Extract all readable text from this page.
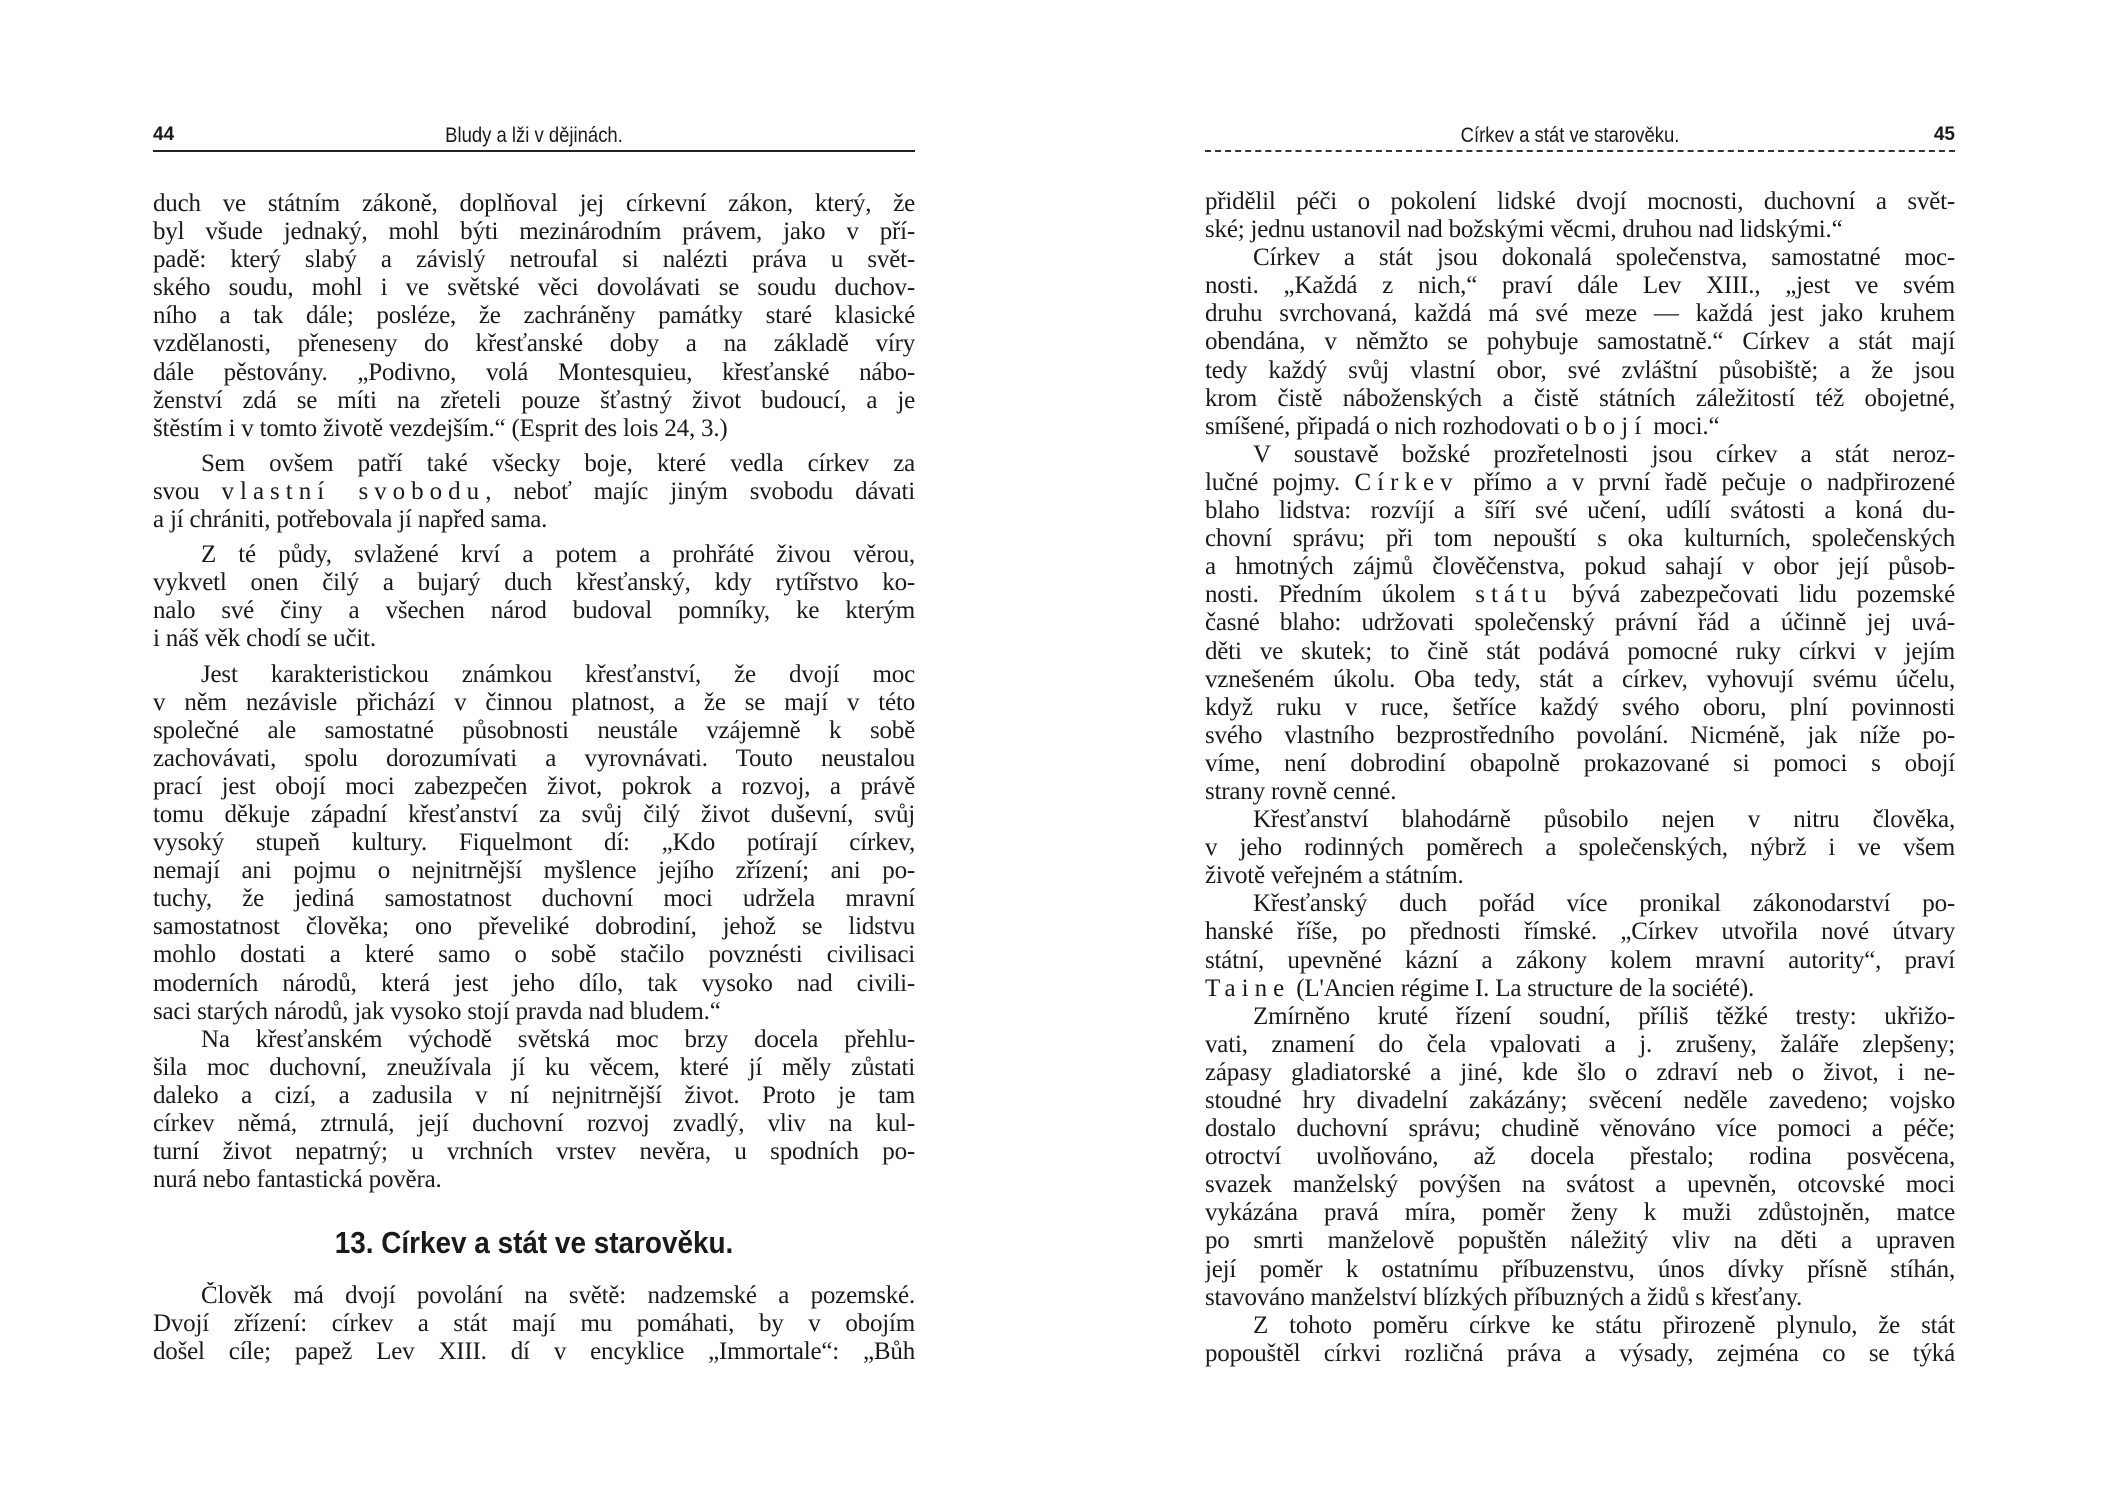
44	Bludy a lži v dějinách.
duch ve státním zákoně, doplňoval jej církevní zákon, který, že
byl všude jednaký, mohl býti mezinárodním právem, jako v pří-
padě: který slabý a závislý netroufal si nalézti práva u svět-
ského soudu, mohl i ve světské věci dovolávati se soudu duchov-
ního a tak dále; posléze, že zachráněny památky staré klasické
vzdělanosti, přeneseny do křesťanské doby a na základě víry
dále pěstovány. „Podivno, volá Montesquieu, křesťanské nábo-
ženství zdá se míti na zřeteli pouze šťastný život budoucí, a je
štěstím i v tomto životě vezdejším.“ (Esprit des lois 24, 3.)
Sem ovšem patří také všecky boje, které vedla církev za
svou vlastní svobodu, neboť majíc jiným svobodu dávati
a jí chrániti, potřebovala jí napřed sama.
Z té půdy, svlažené krví a potem a prohřáté živou věrou,
vykvetl onen čilý a bujarý duch křesťanský, kdy rytířstvo ko-
nalo své činy a všechen národ budoval pomníky, ke kterým
i náš věk chodí se učit.
Jest karakteristickou známkou křesťanství, že dvojí moc
v něm nezávisle přichází v činnou platnost, a že se mají v této
společné ale samostatné působnosti neustále vzájemně k sobě
zachovávati, spolu dorozumívati a vyrovnávati. Touto neustalou
prací jest obojí moci zabezpečen život, pokrok a rozvoj, a právě
tomu děkuje západní křesťanství za svůj čilý život duševní, svůj
vysoký stupeň kultury. Fiquelmont dí: „Kdo potírají církev,
nemají ani pojmu o nejnitrnější myšlence jejího zřízení; ani po-
tuchy, že jediná samostatnost duchovní moci udržela mravní
samostatnost člověka; ono převeliké dobrodiní, jehož se lidstvu
mohlo dostati a které samo o sobě stačilo povznésti civilisaci
moderních národů, která jest jeho dílo, tak vysoko nad civili-
saci starých národů, jak vysoko stojí pravda nad bludem.“
Na křesťanském východě světská moc brzy docela přehlu-
šila moc duchovní, zneužívala jí ku věcem, které jí měly zůstati
daleko a cizí, a zadusila v ní nejnitrnější život. Proto je tam
církev němá, ztrnulá, její duchovní rozvoj zvadlý, vliv na kul-
turní život nepatrný; u vrchních vrstev nevěra, u spodních po-
nurá nebo fantastická pověra.
13. Církev a stát ve starověku.
Člověk má dvojí povolání na světě: nadzemské a pozemské.
Dvojí zřízení: církev a stát mají mu pomáhati, by v obojím
došel cíle; papež Lev XIII. dí v encyklice „Immortale“: „Bůh
Církev a stát ve starověku.	45
přidělil péči o pokolení lidské dvojí mocnosti, duchovní a svět-
ské; jednu ustanovil nad božskými věcmi, druhou nad lidskými.“
Církev a stát jsou dokonalá společenstva, samostatné moc-
nosti. „Každá z nich,“ praví dále Lev XIII., „jest ve svém
druhu svrchovaná, každá má své meze — každá jest jako kruhem
obendána, v němžto se pohybuje samostatně.“ Církev a stát mají
tedy každý svůj vlastní obor, své zvláštní působiště; a že jsou
krom čistě náboženských a čistě státních záležitostí též obojetné,
smíšené, připadá o nich rozhodovati obojí moci.“
V soustavě božské prozřetelnosti jsou církev a stát neroz-
lučné pojmy. Církev přímo a v první řadě pečuje o nadpřirozené
blaho lidstva: rozvíjí a šíří své učení, udílí svátosti a koná du-
chovní správu; při tom nepouští s oka kulturních, společenských
a hmotných zájmů člověčenstva, pokud sahají v obor její působ-
nosti. Předním úkolem státu bývá zabezpečovati lidu pozemské
časné blaho: udržovati společenský právní řád a účinně jej uvá-
děti ve skutek; to čině stát podává pomocné ruky církvi v jejím
vznešeném úkolu. Oba tedy, stát a církev, vyhovují svému účelu,
když ruku v ruce, šetříce každý svého oboru, plní povinnosti
svého vlastního bezprostředního povolání. Nicméně, jak níže po-
víme, není dobrodiní obapolně prokazované si pomoci s obojí
strany rovně cenné.
Křesťanství blahodárně působilo nejen v nitru člověka,
v jeho rodinných poměrech a společenských, nýbrž i ve všem
životě veřejném a státním.
Křesťanský duch pořád více pronikal zákonodarství po-
hanské říše, po přednosti římské. „Církev utvořila nové útvary
státní, upevněné kázní a zákony kolem mravní autority“, praví
Taine (L'Ancien régime I. La structure de la société).
Zmírněno kruté řízení soudní, příliš těžké tresty: ukřižo-
vati, znamení do čela vpalovati a j. zrušeny, žaláře zlepšeny;
zápasy gladiatorské a jiné, kde šlo o zdraví neb o život, i ne-
stoudné hry divadelní zakázány; svěcení neděle zavedeno; vojsko
dostalo duchovní správu; chudině věnováno více pomoci a péče;
otroctví uvolňováno, až docela přestalo; rodina posvěcena,
svazek manželský povýšen na svátost a upevněn, otcovské moci
vykázána pravá míra, poměr ženy k muži zdůstojněn, matce
po smrti manželově popuštěn náležitý vliv na děti a upraven
její poměr k ostatnímu příbuzenstvu, únos dívky přísně stíhán,
stavováno manželství blízkých příbuzných a židů s křesťany.
Z tohoto poměru církve ke státu přirozeně plynulo, že stát
popouštěl církvi rozličná práva a výsady, zejména co se týká
